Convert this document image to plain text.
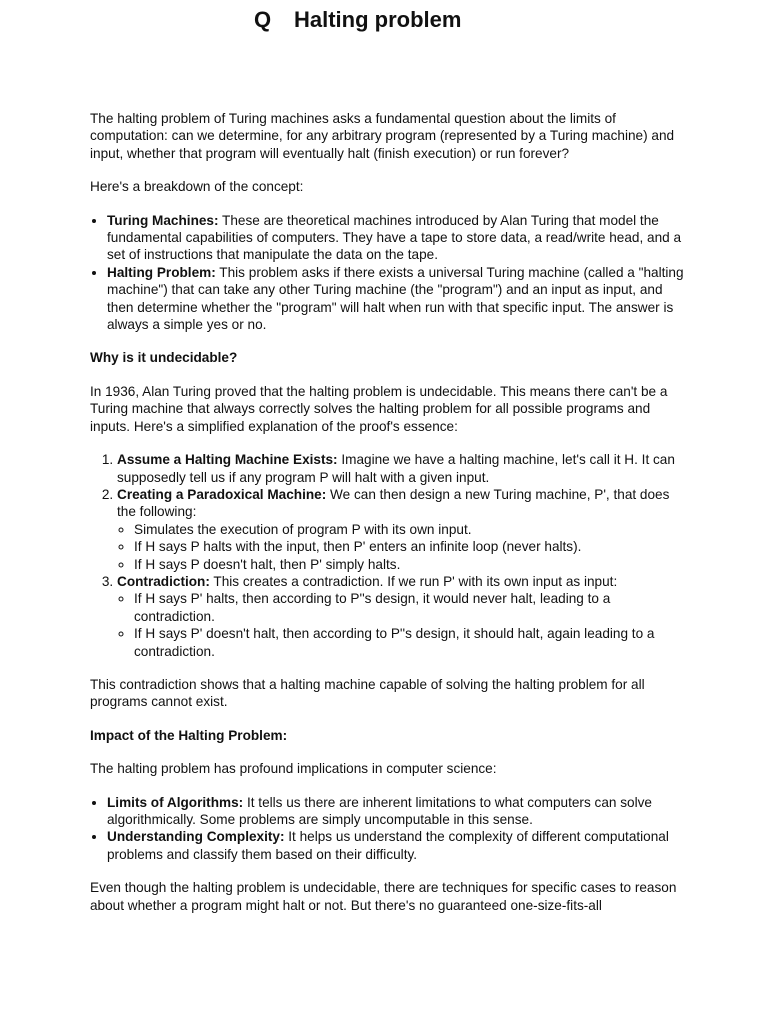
Q Halting problem

The halting problem of Turing machines asks a fundamental question about the limits of computation: can we determine, for any arbitrary program (represented by a Turing machine) and input, whether that program will eventually halt (finish execution) or run forever?

Here's a breakdown of the concept:

• Turing Machines: These are theoretical machines introduced by Alan Turing that model the fundamental capabilities of computers. They have a tape to store data, a read/write head, and a set of instructions that manipulate the data on the tape.
• Halting Problem: This problem asks if there exists a universal Turing machine (called a "halting machine") that can take any other Turing machine (the "program") and an input as input, and then determine whether the "program" will halt when run with that specific input. The answer is always a simple yes or no.

Why is it undecidable?

In 1936, Alan Turing proved that the halting problem is undecidable. This means there can't be a Turing machine that always correctly solves the halting problem for all possible programs and inputs. Here's a simplified explanation of the proof's essence:

1. Assume a Halting Machine Exists: Imagine we have a halting machine, let's call it H. It can supposedly tell us if any program P will halt with a given input.
2. Creating a Paradoxical Machine: We can then design a new Turing machine, P', that does the following:
◦ Simulates the execution of program P with its own input.
◦ If H says P halts with the input, then P' enters an infinite loop (never halts).
◦ If H says P doesn't halt, then P' simply halts.
3. Contradiction: This creates a contradiction. If we run P' with its own input as input:
◦ If H says P' halts, then according to P''s design, it would never halt, leading to a contradiction.
◦ If H says P' doesn't halt, then according to P''s design, it should halt, again leading to a contradiction.

This contradiction shows that a halting machine capable of solving the halting problem for all programs cannot exist.

Impact of the Halting Problem:

The halting problem has profound implications in computer science:

• Limits of Algorithms: It tells us there are inherent limitations to what computers can solve algorithmically. Some problems are simply uncomputable in this sense.
• Understanding Complexity: It helps us understand the complexity of different computational problems and classify them based on their difficulty.

Even though the halting problem is undecidable, there are techniques for specific cases to reason about whether a program might halt or not. But there's no guaranteed one-size-fits-all
